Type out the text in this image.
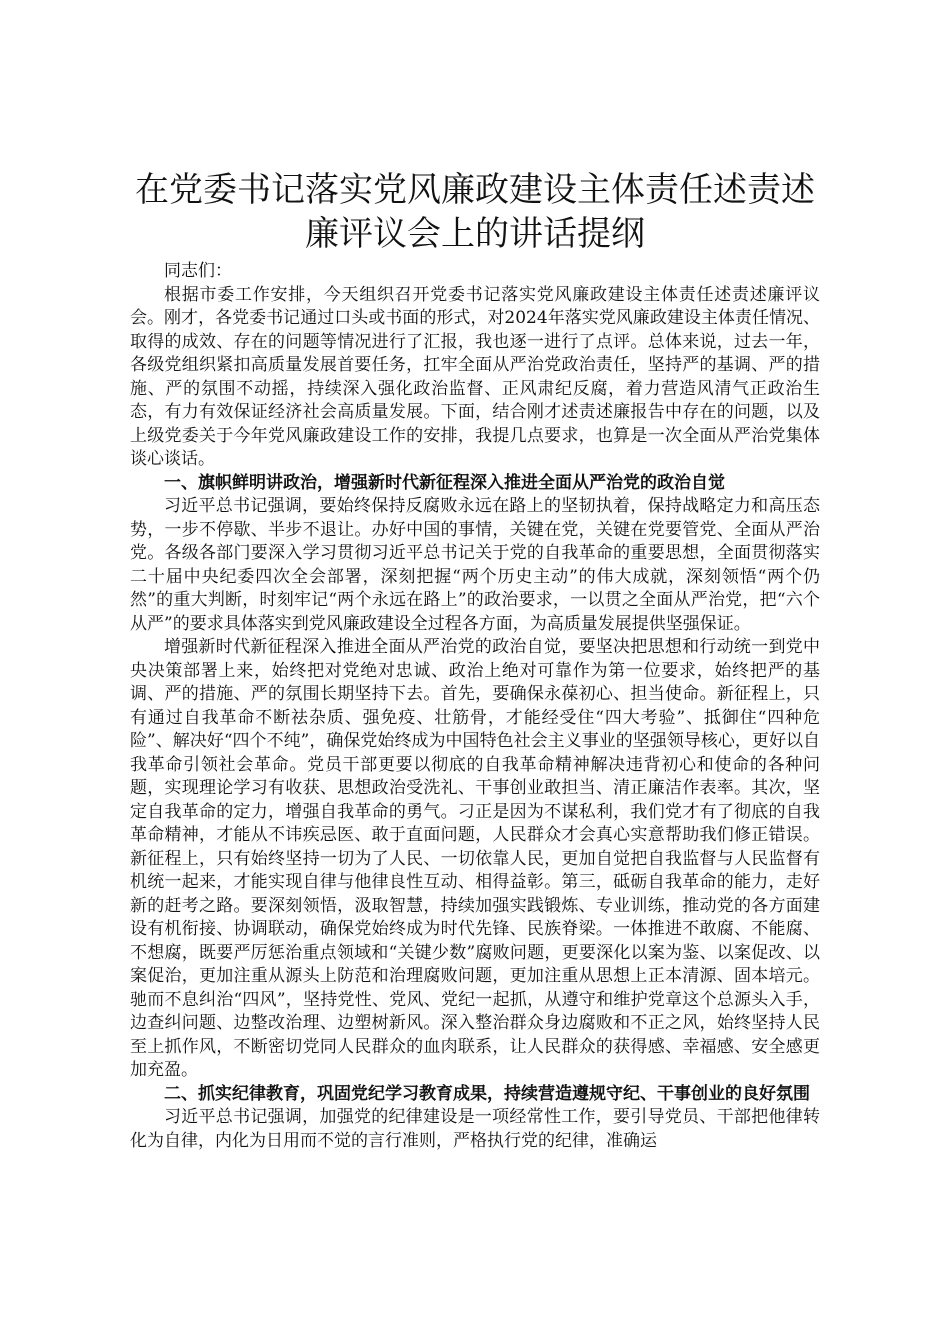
在党委书记落实党风廉政建设主体责任述责述
廉评议会上的讲话提纲

同志们：

根据市委工作安排，今天组织召开党委书记落实党风廉政建设主体责任述责述廉评议会。刚才，各党委书记通过口头或书面的形式，对2024年落实党风廉政建设主体责任情况、取得的成效、存在的问题等情况进行了汇报，我也逐一进行了点评。总体来说，过去一年，各级党组织紧扣高质量发展首要任务，扛牢全面从严治党政治责任，坚持严的基调、严的措施、严的氛围不动摇，持续深入强化政治监督、正风肃纪反腐，着力营造风清气正政治生态，有力有效保证经济社会高质量发展。下面，结合刚才述责述廉报告中存在的问题，以及上级党委关于今年党风廉政建设工作的安排，我提几点要求，也算是一次全面从严治党集体谈心谈话。

一、旗帜鲜明讲政治，增强新时代新征程深入推进全面从严治党的政治自觉

习近平总书记强调，要始终保持反腐败永远在路上的坚韧执着，保持战略定力和高压态势，一步不停歇、半步不退让。办好中国的事情，关键在党，关键在党要管党、全面从严治党。各级各部门要深入学习贯彻习近平总书记关于党的自我革命的重要思想，全面贯彻落实二十届中央纪委四次全会部署，深刻把握“两个历史主动”的伟大成就，深刻领悟“两个仍然”的重大判断，时刻牢记“两个永远在路上”的政治要求，一以贯之全面从严治党，把“六个从严”的要求具体落实到党风廉政建设全过程各方面，为高质量发展提供坚强保证。

增强新时代新征程深入推进全面从严治党的政治自觉，要坚决把思想和行动统一到党中央决策部署上来，始终把对党绝对忠诚、政治上绝对可靠作为第一位要求，始终把严的基调、严的措施、严的氛围长期坚持下去。首先，要确保永葆初心、担当使命。新征程上，只有通过自我革命不断祛杂质、强免疫、壮筋骨，才能经受住“四大考验”、抵御住“四种危险”、解决好“四个不纯”，确保党始终成为中国特色社会主义事业的坚强领导核心，更好以自我革命引领社会革命。党员干部更要以彻底的自我革命精神解决违背初心和使命的各种问题，实现理论学习有收获、思想政治受洗礼、干事创业敢担当、清正廉洁作表率。其次，坚定自我革命的定力，增强自我革命的勇气。刁正是因为不谋私利，我们党才有了彻底的自我革命精神，才能从不讳疾忌医、敢于直面问题，人民群众才会真心实意帮助我们修正错误。新征程上，只有始终坚持一切为了人民、一切依靠人民，更加自觉把自我监督与人民监督有机统一起来，才能实现自律与他律良性互动、相得益彰。第三，砥砺自我革命的能力，走好新的赶考之路。要深刻领悟，汲取智慧，持续加强实践锻炼、专业训练，推动党的各方面建设有机衔接、协调联动，确保党始终成为时代先锋、民族脊梁。一体推进不敢腐、不能腐、不想腐，既要严厉惩治重点领域和“关键少数”腐败问题，更要深化以案为鉴、以案促改、以案促治，更加注重从源头上防范和治理腐败问题，更加注重从思想上正本清源、固本培元。驰而不息纠治“四风”，坚持党性、党风、党纪一起抓，从遵守和维护党章这个总源头入手，边查纠问题、边整改治理、边塑树新风。深入整治群众身边腐败和不正之风，始终坚持人民至上抓作风，不断密切党同人民群众的血肉联系，让人民群众的获得感、幸福感、安全感更加充盈。

二、抓实纪律教育，巩固党纪学习教育成果，持续营造遵规守纪、干事创业的良好氛围

习近平总书记强调，加强党的纪律建设是一项经常性工作，要引导党员、干部把他律转化为自律，内化为日用而不觉的言行准则，严格执行党的纪律，准确运
